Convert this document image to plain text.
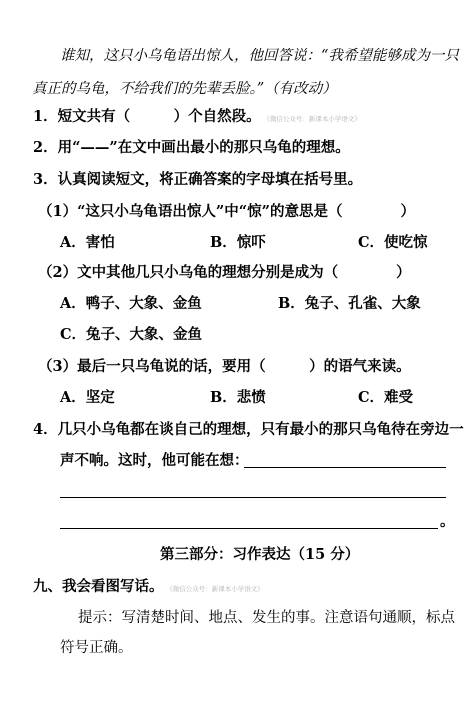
谁知，这只小乌龟语出惊人，他回答说：“我希望能够成为一只
真正的乌龟，不给我们的先辈丢脸。”（有改动）
1．短文共有（　　　）个自然段。 《微信公众号：新课本小学语文》
2．用“——”在文中画出最小的那只乌龟的理想。
3．认真阅读短文，将正确答案的字母填在括号里。
（1）“这只小乌龟语出惊人”中“惊”的意思是（　　　　）
A．害怕	B．惊吓	C．使吃惊
（2）文中其他几只小乌龟的理想分别是成为（　　　　）
A．鸭子、大象、金鱼	B．兔子、孔雀、大象
C．兔子、大象、金鱼
（3）最后一只乌龟说的话，要用（　　　）的语气来读。
A．坚定	B．悲愤	C．难受
4．几只小乌龟都在谈自己的理想，只有最小的那只乌龟待在旁边一
声不响。这时，他可能在想：
。
第三部分：习作表达（15 分）
九、我会看图写话。 《微信公众号：新课本小学语文》
提示：写清楚时间、地点、发生的事。注意语句通顺，标点
符号正确。
